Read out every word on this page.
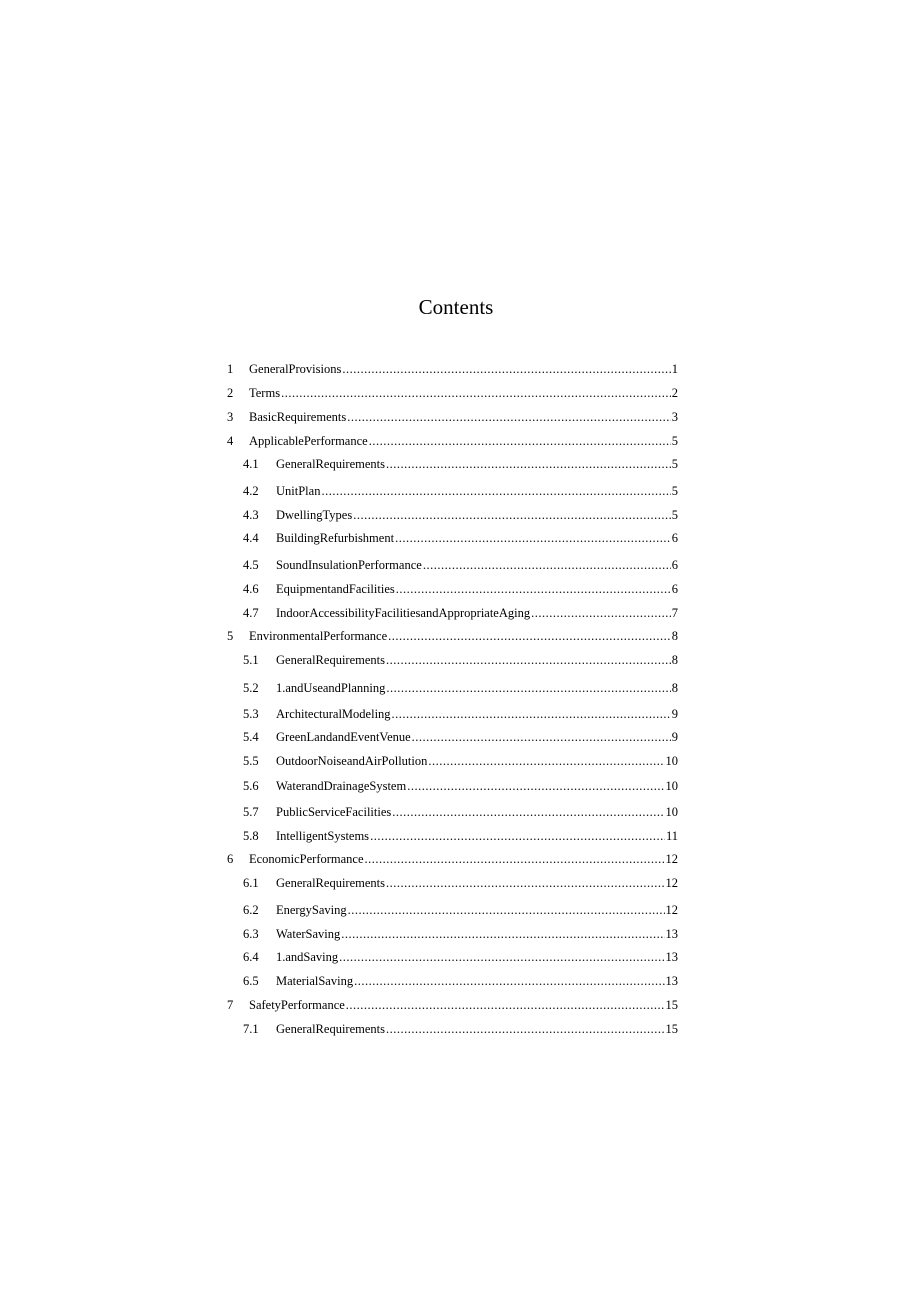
Contents
1	GeneralProvisions .....	1
2	Terms .....	2
3	BasicRequirements .....	3
4	ApplicablePerformance .....	5
4.1	GeneralRequirements .....	5
4.2	UnitPlan .....	5
4.3	DwellingTypes .....	5
4.4	BuildingRefurbishment .....	6
4.5	SoundInsulationPerformance .....	6
4.6	EquipmentandFacilities .....	6
4.7	IndoorAccessibilityFacilitiesandAppropriateAging .....	7
5	EnvironmentalPerformance .....	8
5.1	GeneralRequirements .....	8
5.2	1.andUseandPlanning .....	8
5.3	ArchitecturalModeling .....	9
5.4	GreenLandandEventVenue .....	9
5.5	OutdoorNoiseandAirPollution .....	10
5.6	WaterandDrainageSystem .....	10
5.7	PublicServiceFacilities .....	10
5.8	IntelligentSystems .....	11
6	EconomicPerformance .....	12
6.1	GeneralRequirements .....	12
6.2	EnergySaving .....	12
6.3	WaterSaving .....	13
6.4	1.andSaving .....	13
6.5	MaterialSaving .....	13
7	SafetyPerformance .....	15
7.1	GeneralRequirements .....	15
